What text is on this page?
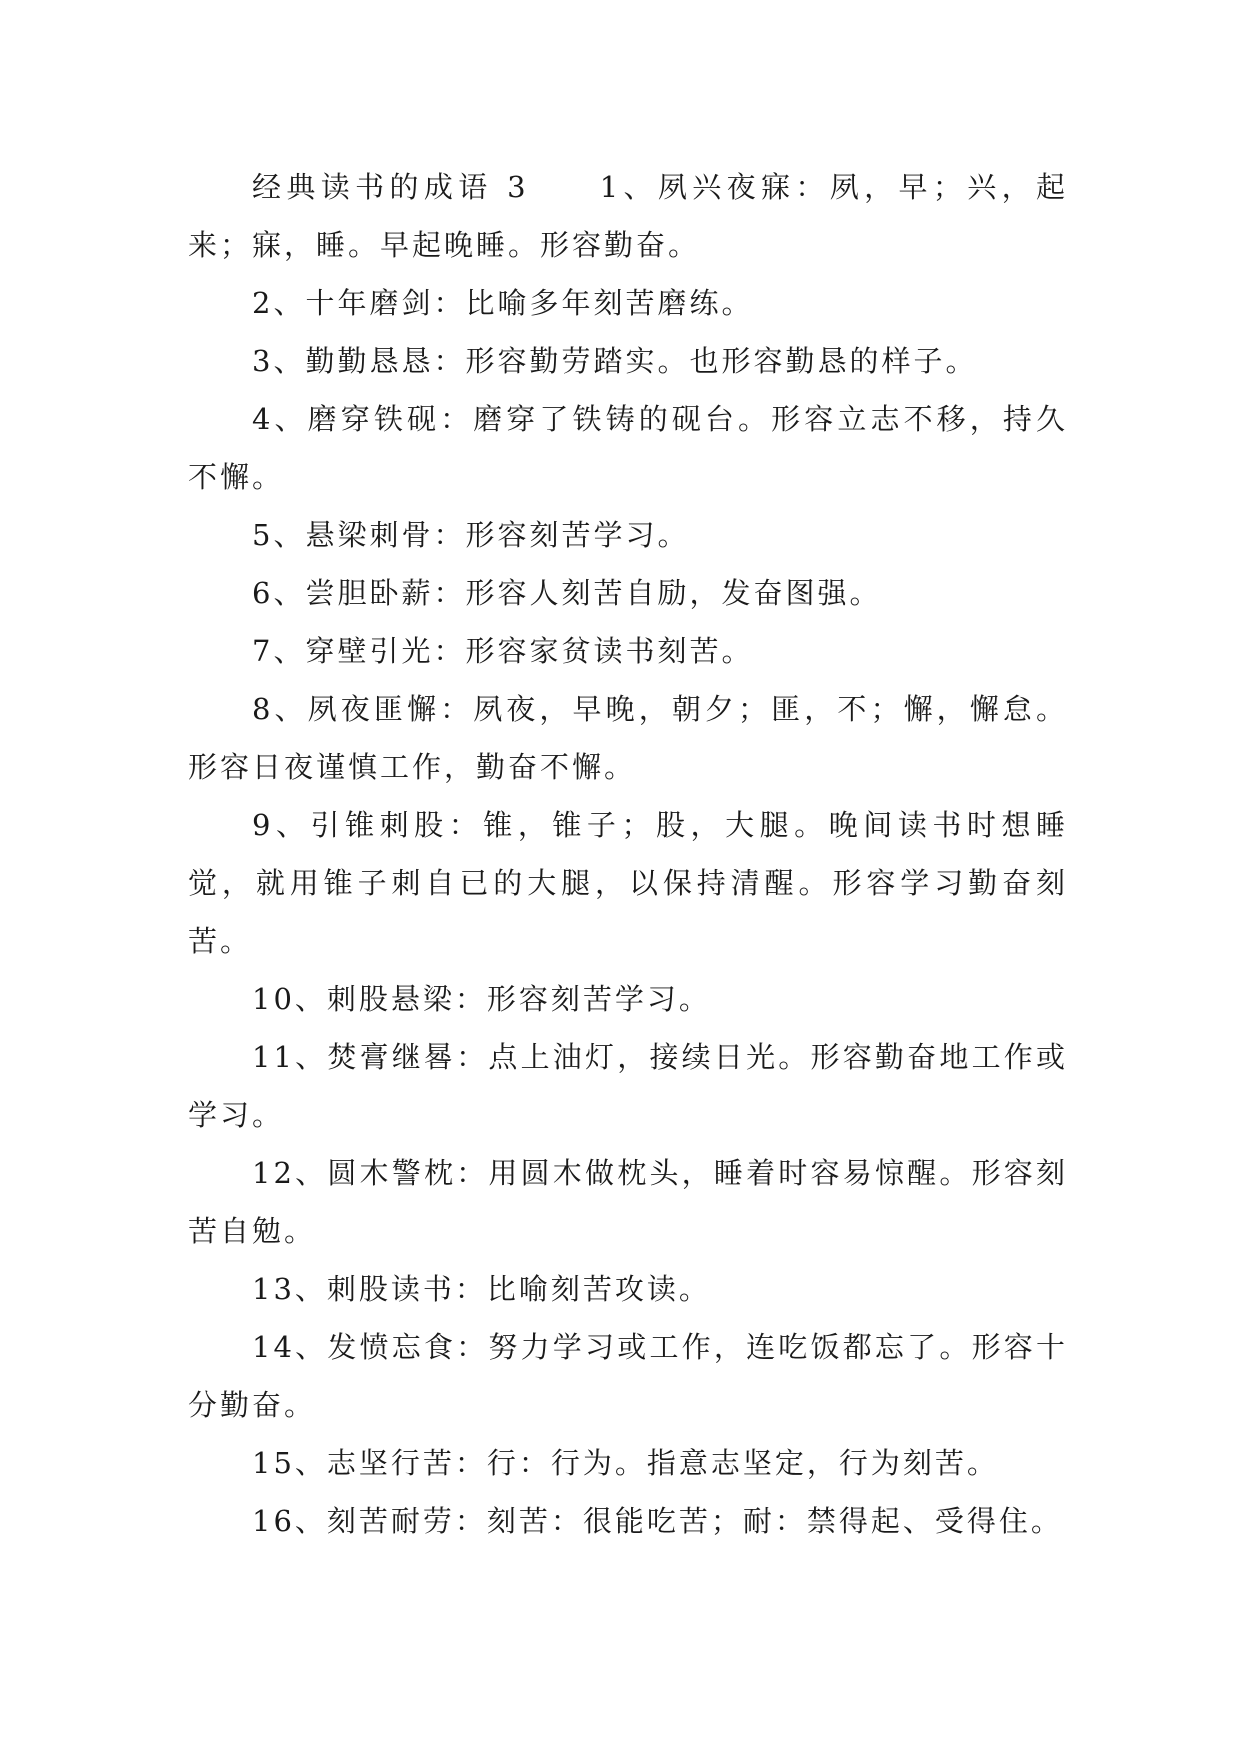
经典读书的成语 3　　1、夙兴夜寐：夙，早；兴，起来；寐，睡。早起晚睡。形容勤奋。

2、十年磨剑：比喻多年刻苦磨练。

3、勤勤恳恳：形容勤劳踏实。也形容勤恳的样子。

4、磨穿铁砚：磨穿了铁铸的砚台。形容立志不移，持久不懈。

5、悬梁刺骨：形容刻苦学习。

6、尝胆卧薪：形容人刻苦自励，发奋图强。

7、穿壁引光：形容家贫读书刻苦。

8、夙夜匪懈：夙夜，早晚，朝夕；匪，不；懈，懈怠。形容日夜谨慎工作，勤奋不懈。

9、引锥刺股：锥，锥子；股，大腿。晚间读书时想睡觉，就用锥子刺自已的大腿，以保持清醒。形容学习勤奋刻苦。

10、刺股悬梁：形容刻苦学习。

11、焚膏继晷：点上油灯，接续日光。形容勤奋地工作或学习。

12、圆木警枕：用圆木做枕头，睡着时容易惊醒。形容刻苦自勉。

13、刺股读书：比喻刻苦攻读。

14、发愤忘食：努力学习或工作，连吃饭都忘了。形容十分勤奋。

15、志坚行苦：行：行为。指意志坚定，行为刻苦。

16、刻苦耐劳：刻苦：很能吃苦；耐：禁得起、受得住。
